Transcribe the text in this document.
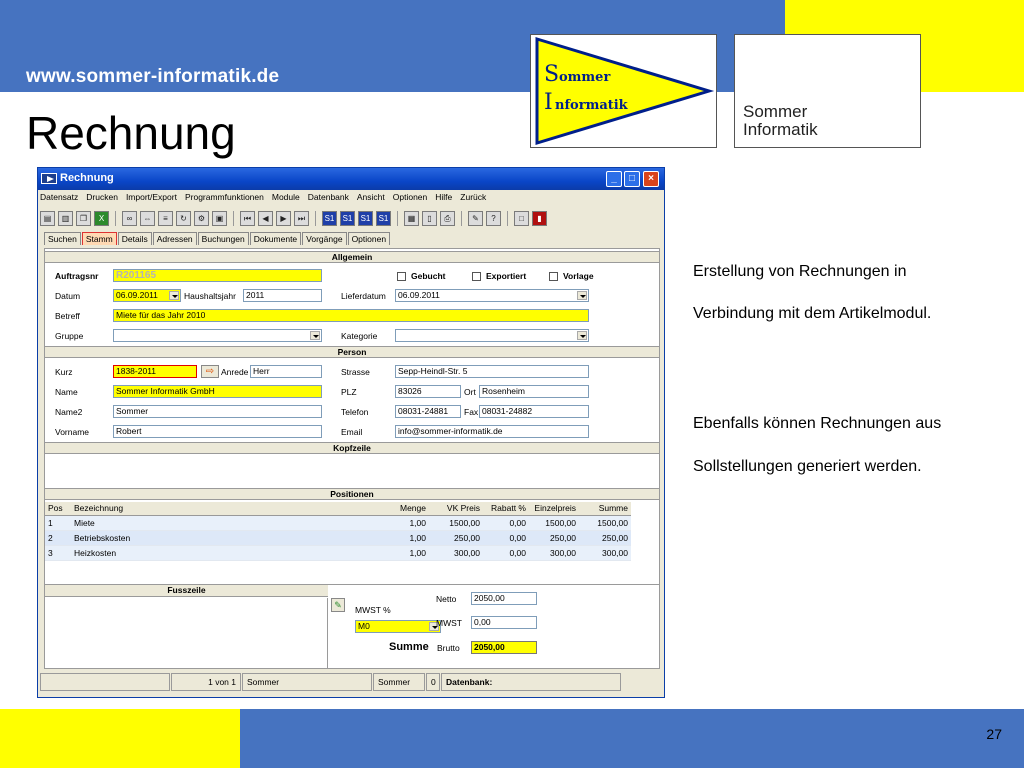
www.sommer-informatik.de
Rechnung
S ommer
I nformatik	Sommer
Informatik
Erstellung von Rechnungen in
Verbindung mit dem Artikelmodul.
Ebenfalls können Rechnungen aus
Sollstellungen generiert werden.
Rechnung	_	□	×
Datensatz Drucken Import/Export Programmfunktionen Module Datenbank Ansicht Optionen Hilfe Zurück
▤	▥	❐	X	∞	⇔	≡	↻	⚙	▣	⏮	◀	▶	⏭	S1	S1	S1	S1	▦	▯	⎙	✎	?	□	▮
Suchen	Stamm	Details	Adressen	Buchungen	Dokumente	Vorgänge	Optionen
Allgemein
Auftragsnr	R201165	Gebucht	Exportiert	Vorlage
Datum	06.09.2011	Haushaltsjahr	2011	Lieferdatum	06.09.2011
Betreff	Miete für das Jahr 2010
Gruppe	Kategorie
Person
Kurz	1838-2011	⇨ Anrede Herr	Strasse	Sepp-Heindl-Str. 5
Name	Sommer Informatik GmbH	PLZ	83026	Ort Rosenheim
Name2	Sommer	Telefon	08031-24881	Fax 08031-24882
Vorname	Robert	Email	info@sommer-informatik.de
Kopfzeile
Positionen
Pos	Bezeichnung	Menge	VK Preis	Rabatt %	Einzelpreis	Summe
1	Miete	1,00	1500,00	0,00	1500,00	1500,00
2	Betriebskosten	1,00	250,00	0,00	250,00	250,00
3	Heizkosten	1,00	300,00	0,00	300,00	300,00
Fusszeile
✎	MWST %
M0
Netto	2050,00
MWST	0,00
Summe Brutto	2050,00
1 von 1	Sommer	Sommer	0	Datenbank:
27
